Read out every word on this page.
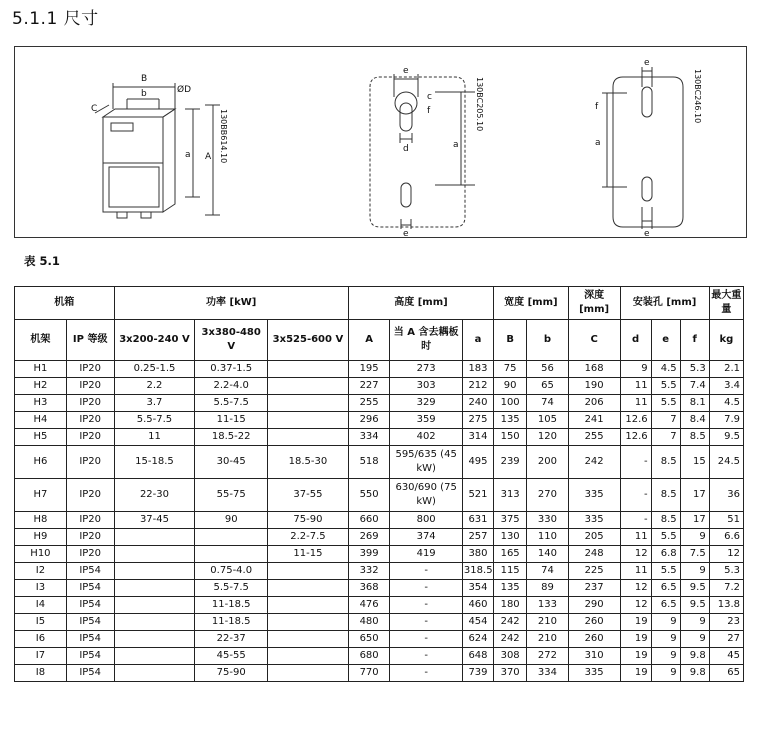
5.1.1 尺寸
B
b	ØD
C
a A 130BB614.10
e
c
f
a
d
e
130BC205.10
e
f
a
e
130BC246.10
表 5.1
机箱		功率 [kW]			高度 [mm]			宽度 [mm]		深度 [mm]	安装孔 [mm]			最大重量
机架	IP 等级	3x200-240 V	3x380-480 V	3x525-600 V	A	当 A 含去耦板时	a	B	b	C	d	e	f	kg
H1	IP20	0.25-1.5	0.37-1.5		195	273	183	75	56	168	9	4.5	5.3	2.1
H2	IP20	2.2	2.2-4.0		227	303	212	90	65	190	11	5.5	7.4	3.4
H3	IP20	3.7	5.5-7.5		255	329	240	100	74	206	11	5.5	8.1	4.5
H4	IP20	5.5-7.5	11-15		296	359	275	135	105	241	12.6	7	8.4	7.9
H5	IP20	11	18.5-22		334	402	314	150	120	255	12.6	7	8.5	9.5
H6	IP20	15-18.5	30-45	18.5-30	518	595/635 (45 kW)	495	239	200	242	-	8.5	15	24.5
H7	IP20	22-30	55-75	37-55	550	630/690 (75 kW)	521	313	270	335	-	8.5	17	36
H8	IP20	37-45	90	75-90	660	800	631	375	330	335	-	8.5	17	51
H9	IP20			2.2-7.5	269	374	257	130	110	205	11	5.5	9	6.6
H10	IP20			11-15	399	419	380	165	140	248	12	6.8	7.5	12
I2	IP54		0.75-4.0		332	-	318.5	115	74	225	11	5.5	9	5.3
I3	IP54		5.5-7.5		368	-	354	135	89	237	12	6.5	9.5	7.2
I4	IP54		11-18.5		476	-	460	180	133	290	12	6.5	9.5	13.8
I5	IP54		11-18.5		480	-	454	242	210	260	19	9	9	23
I6	IP54		22-37		650	-	624	242	210	260	19	9	9	27
I7	IP54		45-55		680	-	648	308	272	310	19	9	9.8	45
I8	IP54		75-90		770	-	739	370	334	335	19	9	9.8	65
